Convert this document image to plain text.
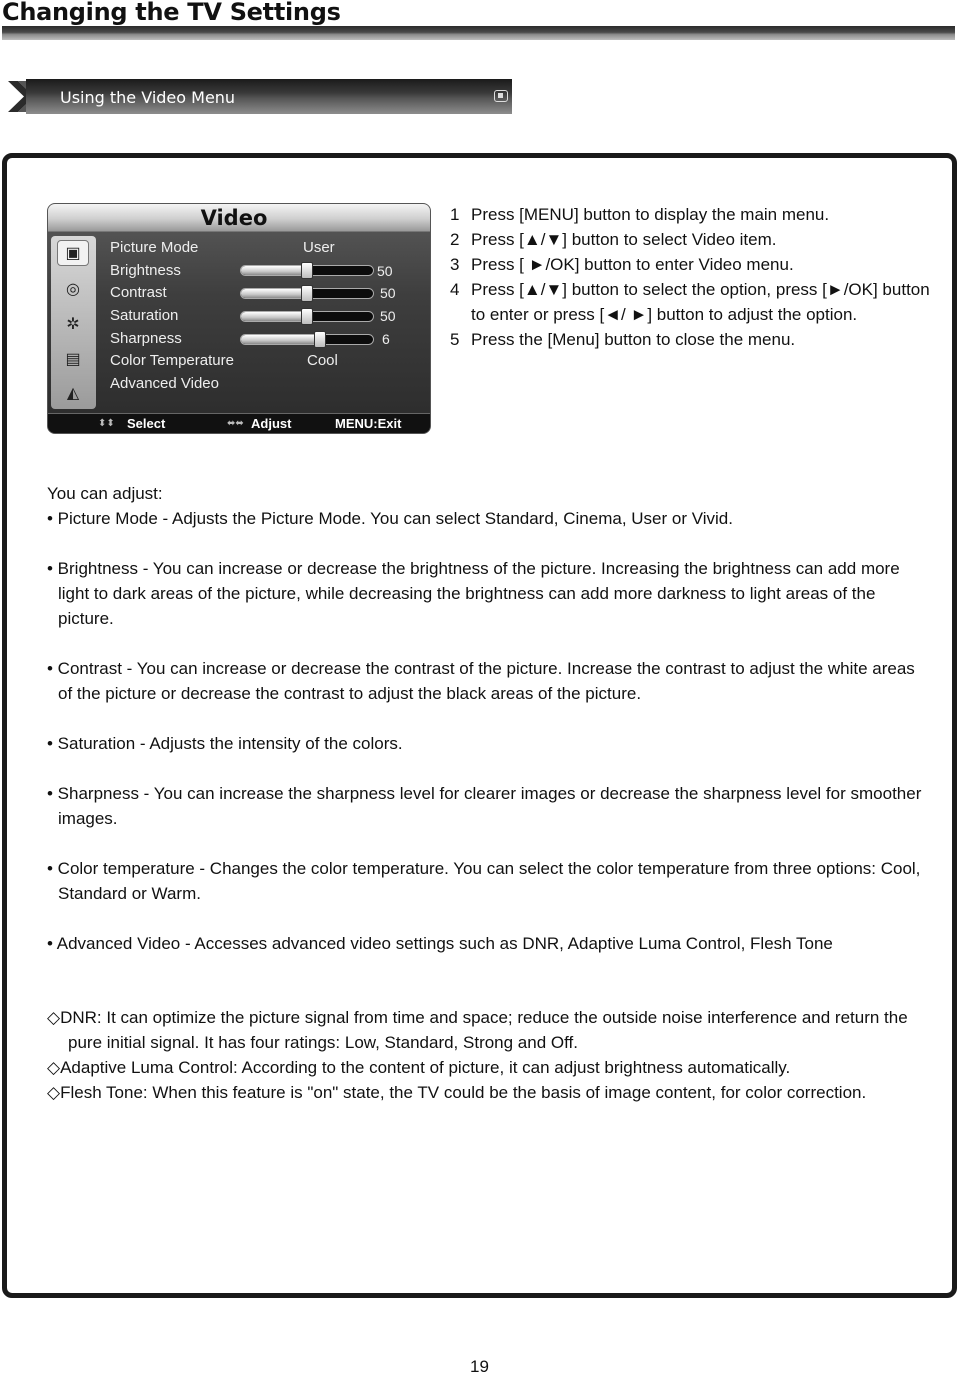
Changing the TV Settings
Using the Video Menu
Video
▣
◎
✲
▤
◭
Picture Mode	User
Brightness	50
Contrast	50
Saturation	50
Sharpness	6
Color Temperature	Cool
Advanced Video
⬍⬍ Select	⬌⬌ Adjust	MENU:Exit
1 Press [MENU] button to display the main menu.
2 Press [▲/▼] button to select Video item.
3 Press [ ►/OK] button to enter Video menu.
4 Press [▲/▼] button to select the option, press [►/OK] button to enter or press [◄/ ►] button to adjust the option.
5 Press the [Menu] button to close the menu.
You can adjust:
• Picture Mode - Adjusts the Picture Mode. You can select Standard, Cinema, User or Vivid.
• Brightness - You can increase or decrease the brightness of the picture. Increasing the brightness can add more light to dark areas of the picture, while decreasing the brightness can add more darkness to light areas of the picture.
• Contrast - You can increase or decrease the contrast of the picture. Increase the contrast to adjust the white areas of the picture or decrease the contrast to adjust the black areas of the picture.
• Saturation - Adjusts the intensity of the colors.
• Sharpness - You can increase the sharpness level for clearer images or decrease the sharpness level for smoother images.
• Color temperature - Changes the color temperature. You can select the color temperature from three options: Cool, Standard or Warm.
• Advanced Video - Accesses advanced video settings such as DNR, Adaptive Luma Control, Flesh Tone
◇DNR: It can optimize the picture signal from time and space; reduce the outside noise interference and return the pure initial signal. It has four ratings: Low, Standard, Strong and Off.
◇Adaptive Luma Control: According to the content of picture, it can adjust brightness automatically.
◇Flesh Tone: When this feature is "on" state, the TV could be the basis of image content, for color correction.
19
